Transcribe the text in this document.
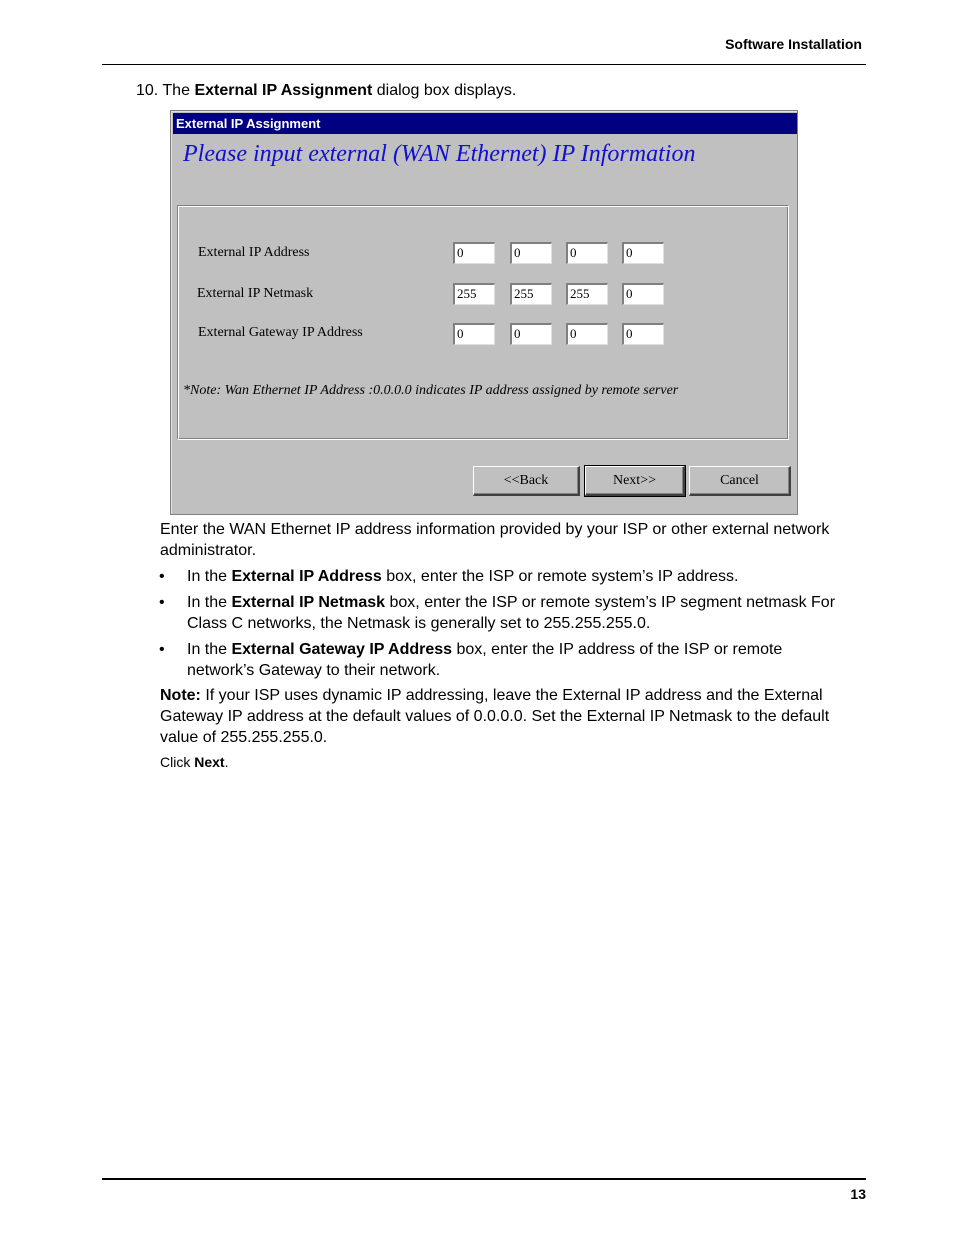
Software Installation
10. The External IP Assignment dialog box displays.
External IP Assignment
Please input external (WAN Ethernet) IP Information
External IP Address	0	0	0	0
External IP Netmask	255	255	255	0
External Gateway IP Address	0	0	0	0
*Note: Wan Ethernet IP Address :0.0.0.0 indicates IP address assigned by remote server
<<Back	Next>>	Cancel
Enter the WAN Ethernet IP address information provided by your ISP or other external network administrator.
• In the External IP Address box, enter the ISP or remote system’s IP address.
• In the External IP Netmask box, enter the ISP or remote system’s IP segment netmask For Class C networks, the Netmask is generally set to 255.255.255.0.
• In the External Gateway IP Address box, enter the IP address of the ISP or remote network’s Gateway to their network.
Note: If your ISP uses dynamic IP addressing, leave the External IP address and the External Gateway IP address at the default values of 0.0.0.0. Set the External IP Netmask to the default value of 255.255.255.0.
Click Next.
13
